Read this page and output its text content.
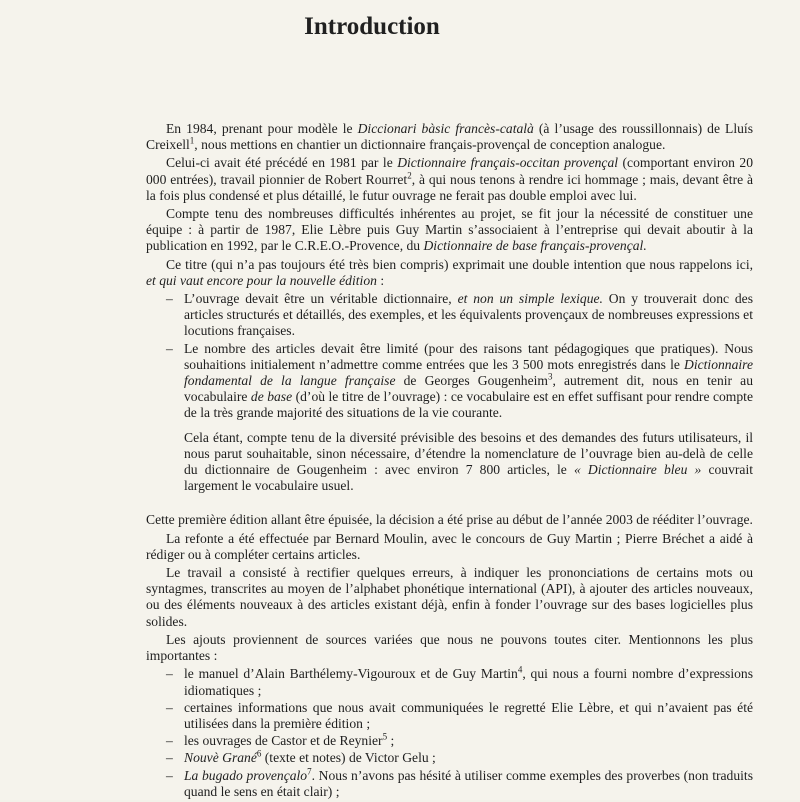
Introduction

En 1984, prenant pour modèle le Diccionari bàsic francès-català (à l’usage des roussillonnais) de Lluís Creixell$^1$, nous mettions en chantier un dictionnaire français-provençal de conception analogue.

Celui-ci avait été précédé en 1981 par le Dictionnaire français-occitan provençal (comportant environ 20 000 entrées), travail pionnier de Robert Rourret$^2$, à qui nous tenons à rendre ici hommage ; mais, devant être à la fois plus condensé et plus détaillé, le futur ouvrage ne ferait pas double emploi avec lui.

Compte tenu des nombreuses difficultés inhérentes au projet, se fit jour la nécessité de constituer une équipe : à partir de 1987, Elie Lèbre puis Guy Martin s’associaient à l’entreprise qui devait aboutir à la publication en 1992, par le C.R.E.O.-Provence, du Dictionnaire de base français-provençal.

Ce titre (qui n’a pas toujours été très bien compris) exprimait une double intention que nous rappelons ici, et qui vaut encore pour la nouvelle édition :

– L’ouvrage devait être un véritable dictionnaire, et non un simple lexique. On y trouverait donc des articles structurés et détaillés, des exemples, et les équivalents provençaux de nombreuses expressions et locutions françaises.
– Le nombre des articles devait être limité (pour des raisons tant pédagogiques que pratiques). Nous souhaitions initialement n’admettre comme entrées que les 3 500 mots enregistrés dans le Dictionnaire fondamental de la langue française de Georges Gougenheim$^3$, autrement dit, nous en tenir au vocabulaire de base (d’où le titre de l’ouvrage) : ce vocabulaire est en effet suffisant pour rendre compte de la très grande majorité des situations de la vie courante.

Cela étant, compte tenu de la diversité prévisible des besoins et des demandes des futurs utilisateurs, il nous parut souhaitable, sinon nécessaire, d’étendre la nomenclature de l’ouvrage bien au-delà de celle du dictionnaire de Gougenheim : avec environ 7 800 articles, le « Dictionnaire bleu » couvrait largement le vocabulaire usuel.

Cette première édition allant être épuisée, la décision a été prise au début de l’année 2003 de rééditer l’ouvrage.

La refonte a été effectuée par Bernard Moulin, avec le concours de Guy Martin ; Pierre Bréchet a aidé à rédiger ou à compléter certains articles.

Le travail a consisté à rectifier quelques erreurs, à indiquer les prononciations de certains mots ou syntagmes, transcrites au moyen de l’alphabet phonétique international (API), à ajouter des articles nouveaux, ou des éléments nouveaux à des articles existant déjà, enfin à fonder l’ouvrage sur des bases logicielles plus solides.

Les ajouts proviennent de sources variées que nous ne pouvons toutes citer. Mentionnons les plus importantes :

– le manuel d’Alain Barthélemy-Vigouroux et de Guy Martin$^4$, qui nous a fourni nombre d’expressions idiomatiques ;
– certaines informations que nous avait communiquées le regretté Elie Lèbre, et qui n’avaient pas été utilisées dans la première édition ;
– les ouvrages de Castor et de Reynier$^5$ ;
– Nouvè Grané$^6$ (texte et notes) de Victor Gelu ;
– La bugado provençalo$^7$. Nous n’avons pas hésité à utiliser comme exemples des proverbes (non traduits quand le sens en était clair) ;
